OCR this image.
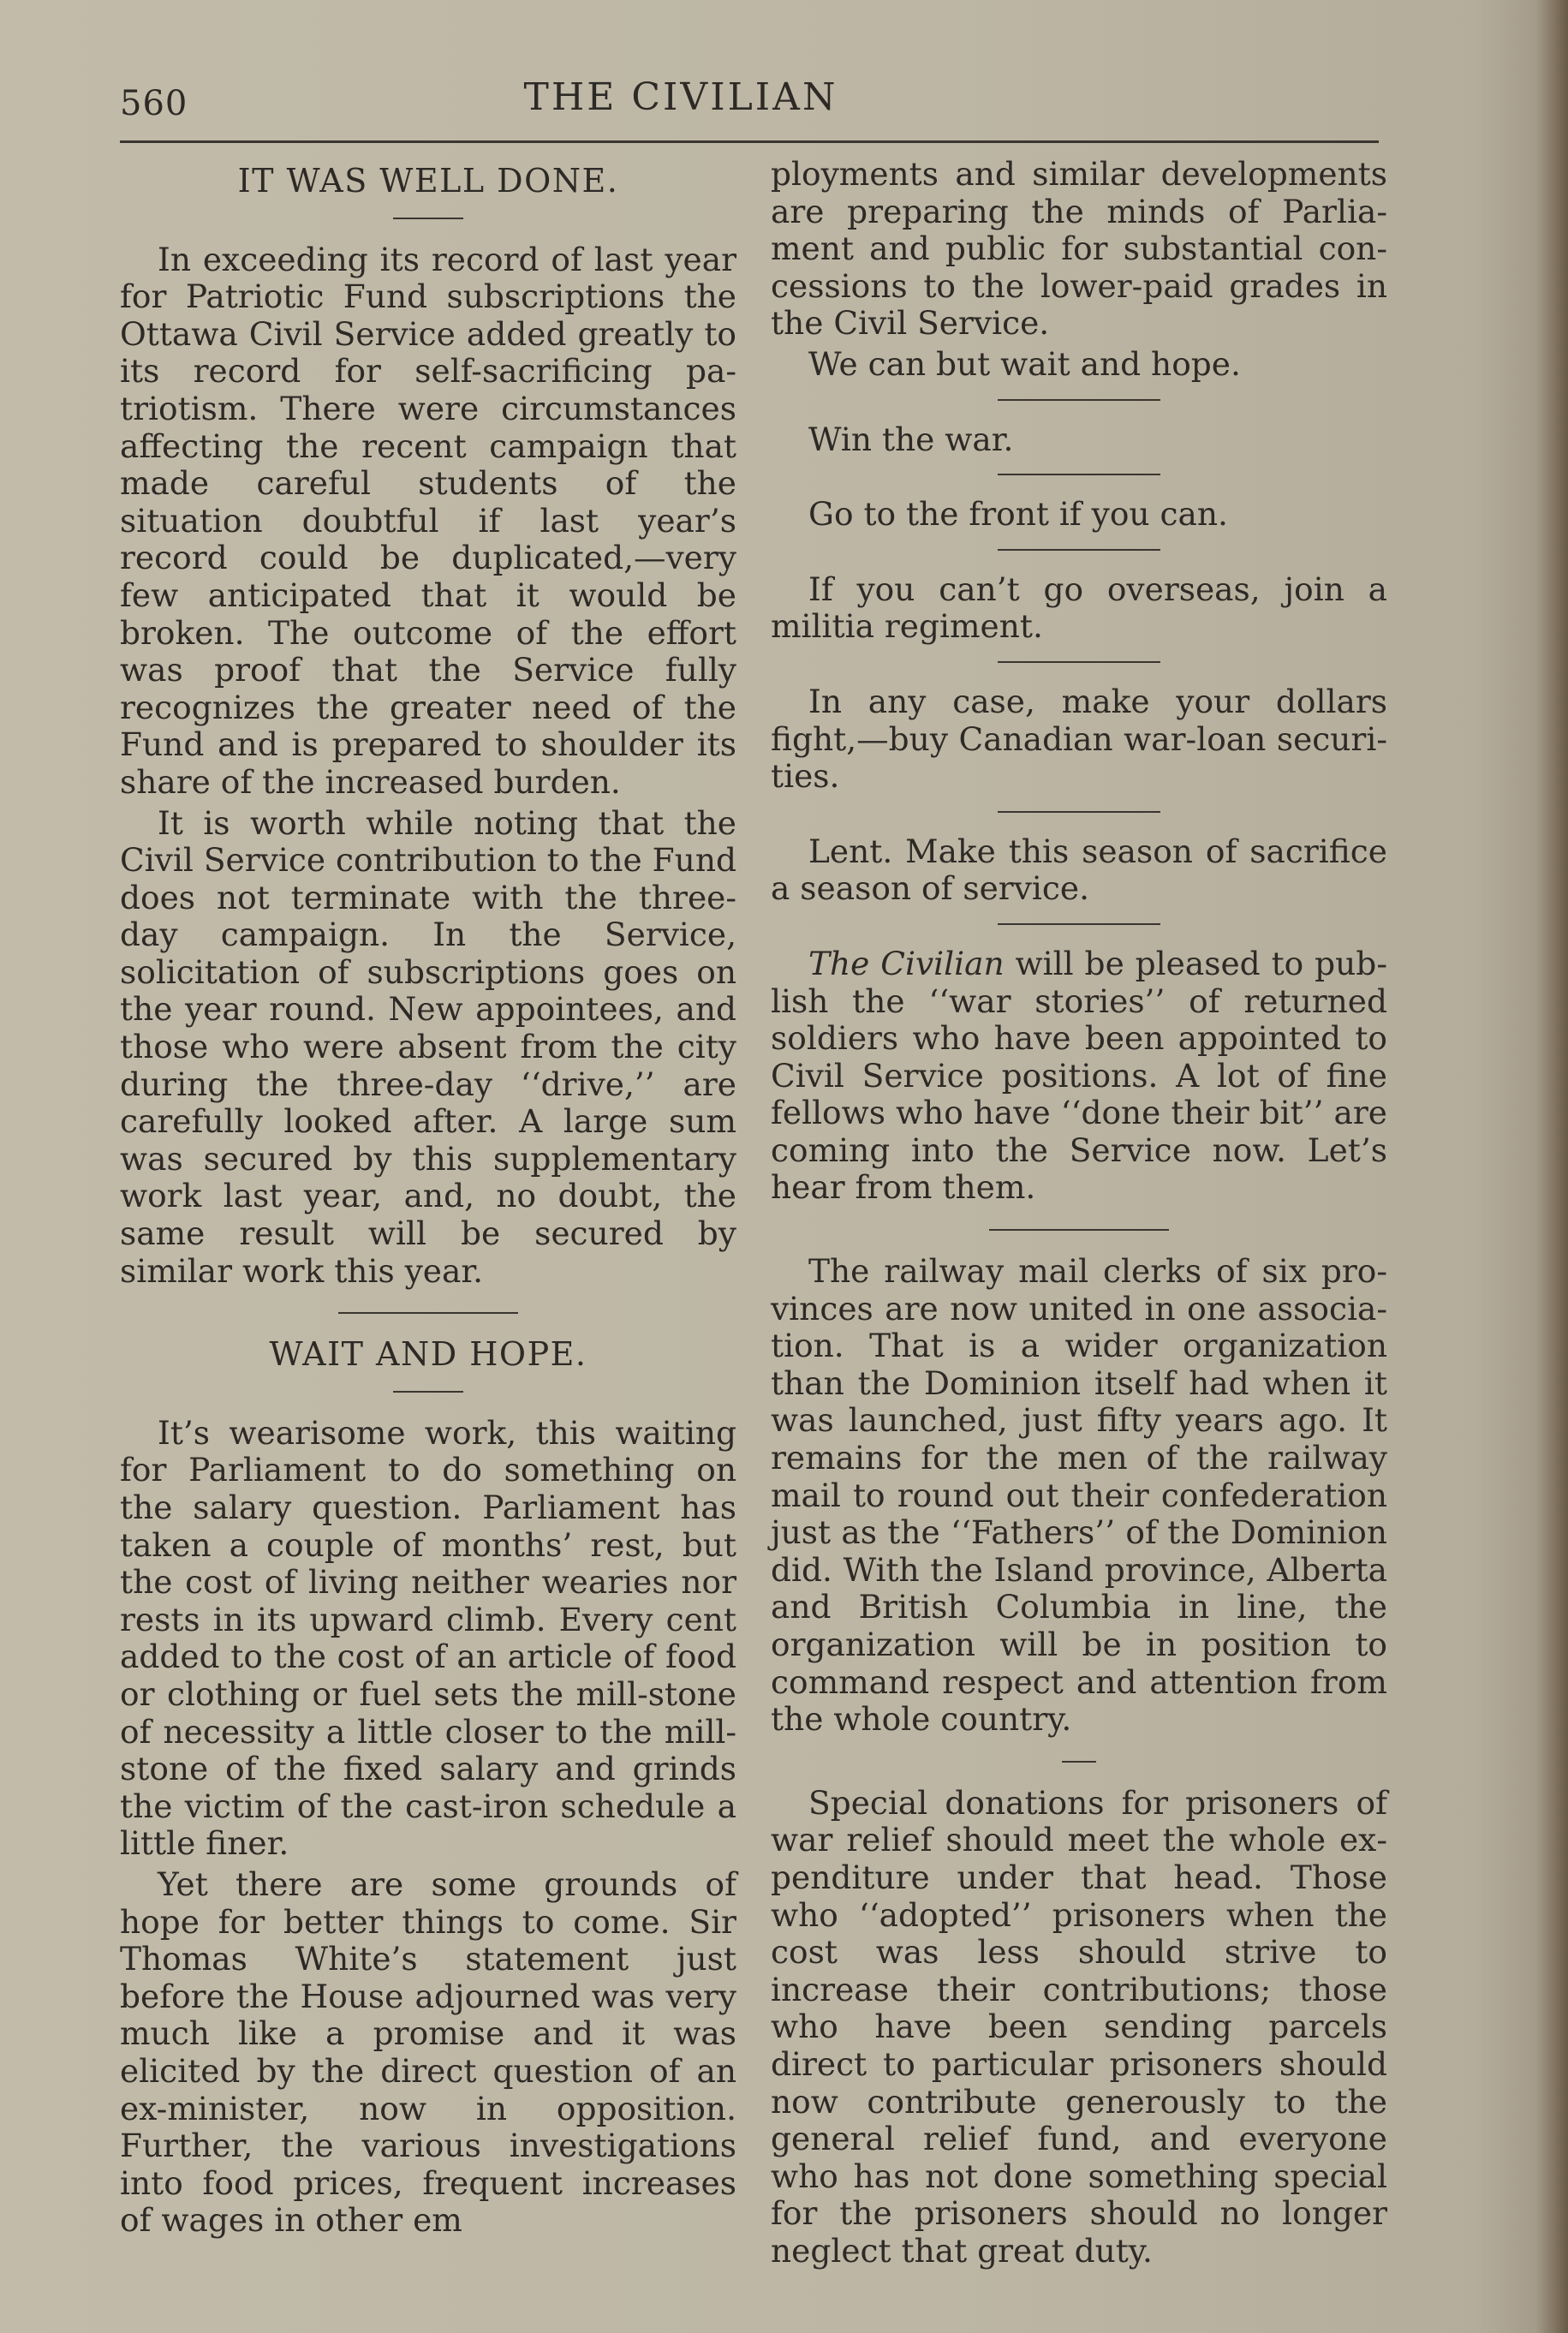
560	THE CIVILIAN
IT WAS WELL DONE.

In exceeding its record of last year for Patriotic Fund subscriptions the Ottawa Civil Service added greatly to its record for self-sacrificing patriotism. There were circumstances affecting the recent campaign that made careful students of the situation doubtful if last year’s record could be duplicated,—very few anticipated that it would be broken. The outcome of the effort was proof that the Service fully recognizes the greater need of the Fund and is prepared to shoulder its share of the increased burden.

It is worth while noting that the Civil Service contribution to the Fund does not terminate with the three-day campaign. In the Service, solicitation of subscriptions goes on the year round. New appointees, and those who were absent from the city during the three-day ‘‘drive,’’ are carefully looked after. A large sum was secured by this supplementary work last year, and, no doubt, the same result will be secured by similar work this year.

WAIT AND HOPE.

It’s wearisome work, this waiting for Parliament to do something on the salary question. Parliament has taken a couple of months’ rest, but the cost of living neither wearies nor rests in its upward climb. Every cent added to the cost of an article of food or clothing or fuel sets the mill-stone of necessity a little closer to the mill-stone of the fixed salary and grinds the victim of the cast-iron schedule a little finer.

Yet there are some grounds of hope for better things to come. Sir Thomas White’s statement just before the House adjourned was very much like a promise and it was elicited by the direct question of an ex-minister, now in opposition. Further, the various investigations into food prices, frequent increases of wages in other em

ployments and similar developments are preparing the minds of Parliament and public for substantial concessions to the lower-paid grades in the Civil Service.

We can but wait and hope.

Win the war.

Go to the front if you can.

If you can’t go overseas, join a militia regiment.

In any case, make your dollars fight,—buy Canadian war-loan securities.

Lent. Make this season of sacrifice a season of service.

The Civilian will be pleased to publish the ‘‘war stories’’ of returned soldiers who have been appointed to Civil Service positions. A lot of fine fellows who have ‘‘done their bit’’ are coming into the Service now. Let’s hear from them.

The railway mail clerks of six provinces are now united in one association. That is a wider organization than the Dominion itself had when it was launched, just fifty years ago. It remains for the men of the railway mail to round out their confederation just as the ‘‘Fathers’’ of the Dominion did. With the Island province, Alberta and British Columbia in line, the organization will be in position to command respect and attention from the whole country.

Special donations for prisoners of war relief should meet the whole expenditure under that head. Those who ‘‘adopted’’ prisoners when the cost was less should strive to increase their contributions; those who have been sending parcels direct to particular prisoners should now contribute generously to the general relief fund, and everyone who has not done something special for the prisoners should no longer neglect that great duty.
